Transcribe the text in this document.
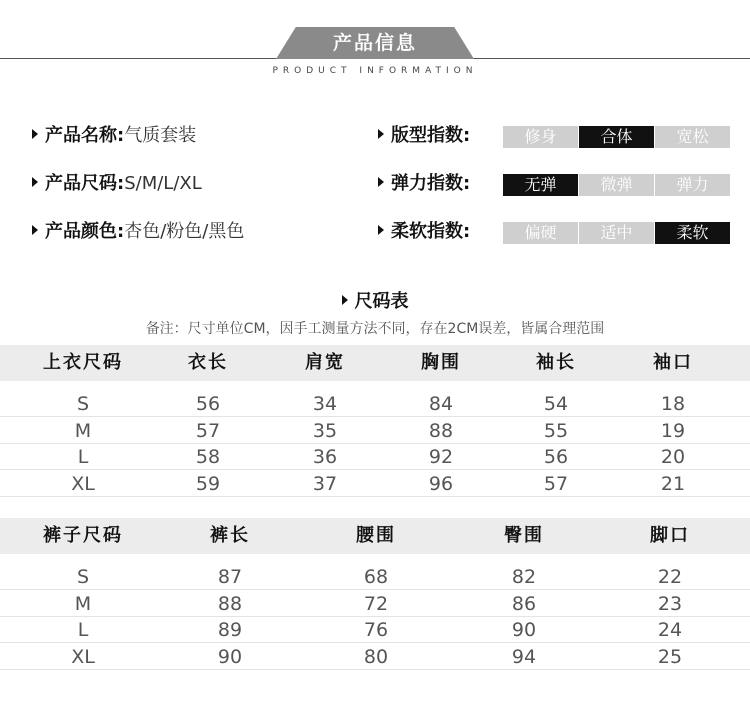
产品信息
PRODUCT INFORMATION
产品名称:气质套装
产品尺码:S/M/L/XL
产品颜色:杏色/粉色/黑色
版型指数:	修身	合体	宽松
弹力指数:	无弹	微弹	弹力
柔软指数:	偏硬	适中	柔软
尺码表
备注：尺寸单位CM，因手工测量方法不同，存在2CM误差，皆属合理范围
上衣尺码	衣长	肩宽	胸围	袖长	袖口
S	56	34	84	54	18
M	57	35	88	55	19
L	58	36	92	56	20
XL	59	37	96	57	21
裤子尺码	裤长	腰围	臀围	脚口
S	87	68	82	22
M	88	72	86	23
L	89	76	90	24
XL	90	80	94	25
